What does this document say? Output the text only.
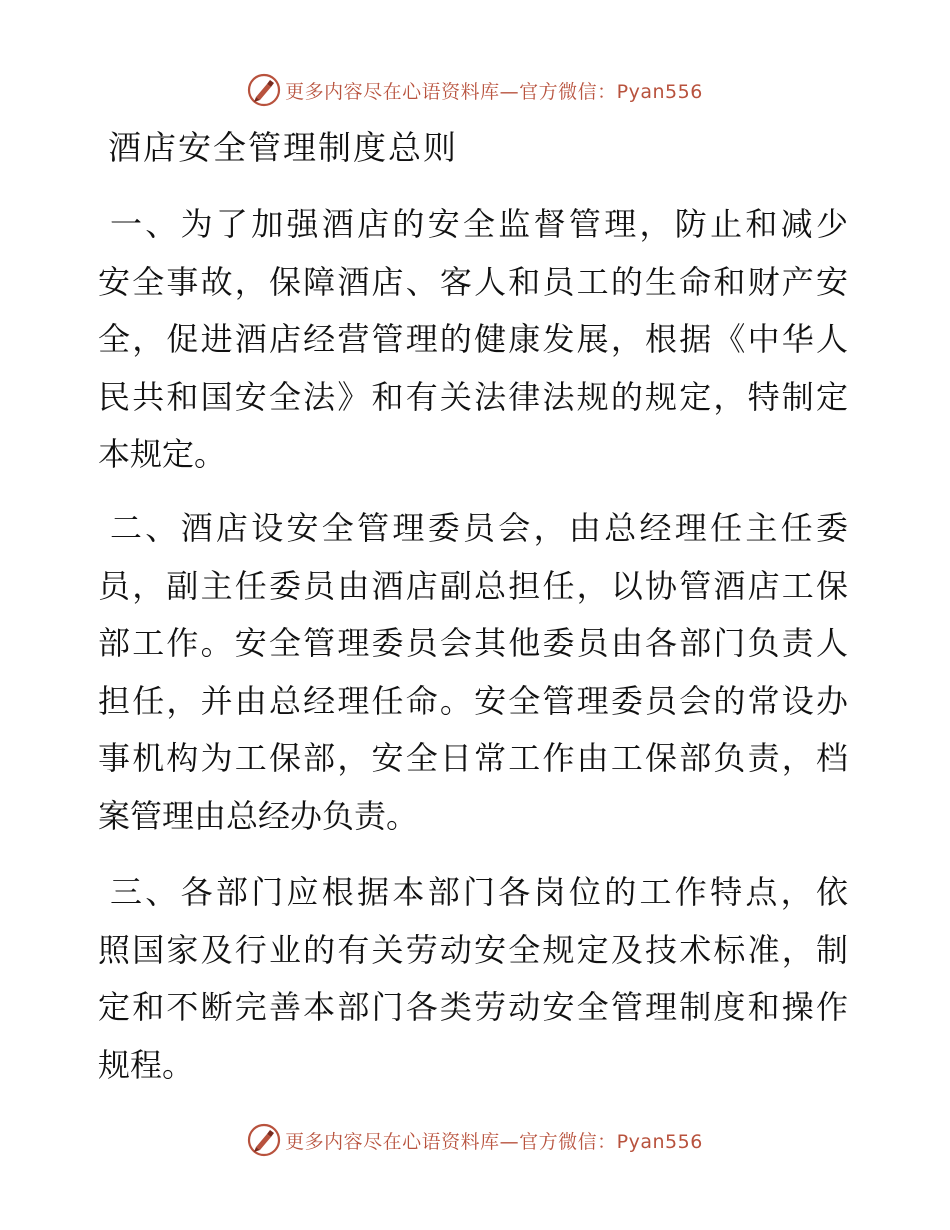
更多内容尽在心语资料库—官方微信：Pyan556
酒店安全管理制度总则
一、为了加强酒店的安全监督管理，防止和减少
安全事故，保障酒店、客人和员工的生命和财产安
全，促进酒店经营管理的健康发展，根据《中华人
民共和国安全法》和有关法律法规的规定，特制定
本规定。
二、酒店设安全管理委员会，由总经理任主任委
员，副主任委员由酒店副总担任，以协管酒店工保
部工作。安全管理委员会其他委员由各部门负责人
担任，并由总经理任命。安全管理委员会的常设办
事机构为工保部，安全日常工作由工保部负责，档
案管理由总经办负责。
三、各部门应根据本部门各岗位的工作特点，依
照国家及行业的有关劳动安全规定及技术标准，制
定和不断完善本部门各类劳动安全管理制度和操作
规程。
更多内容尽在心语资料库—官方微信：Pyan556
